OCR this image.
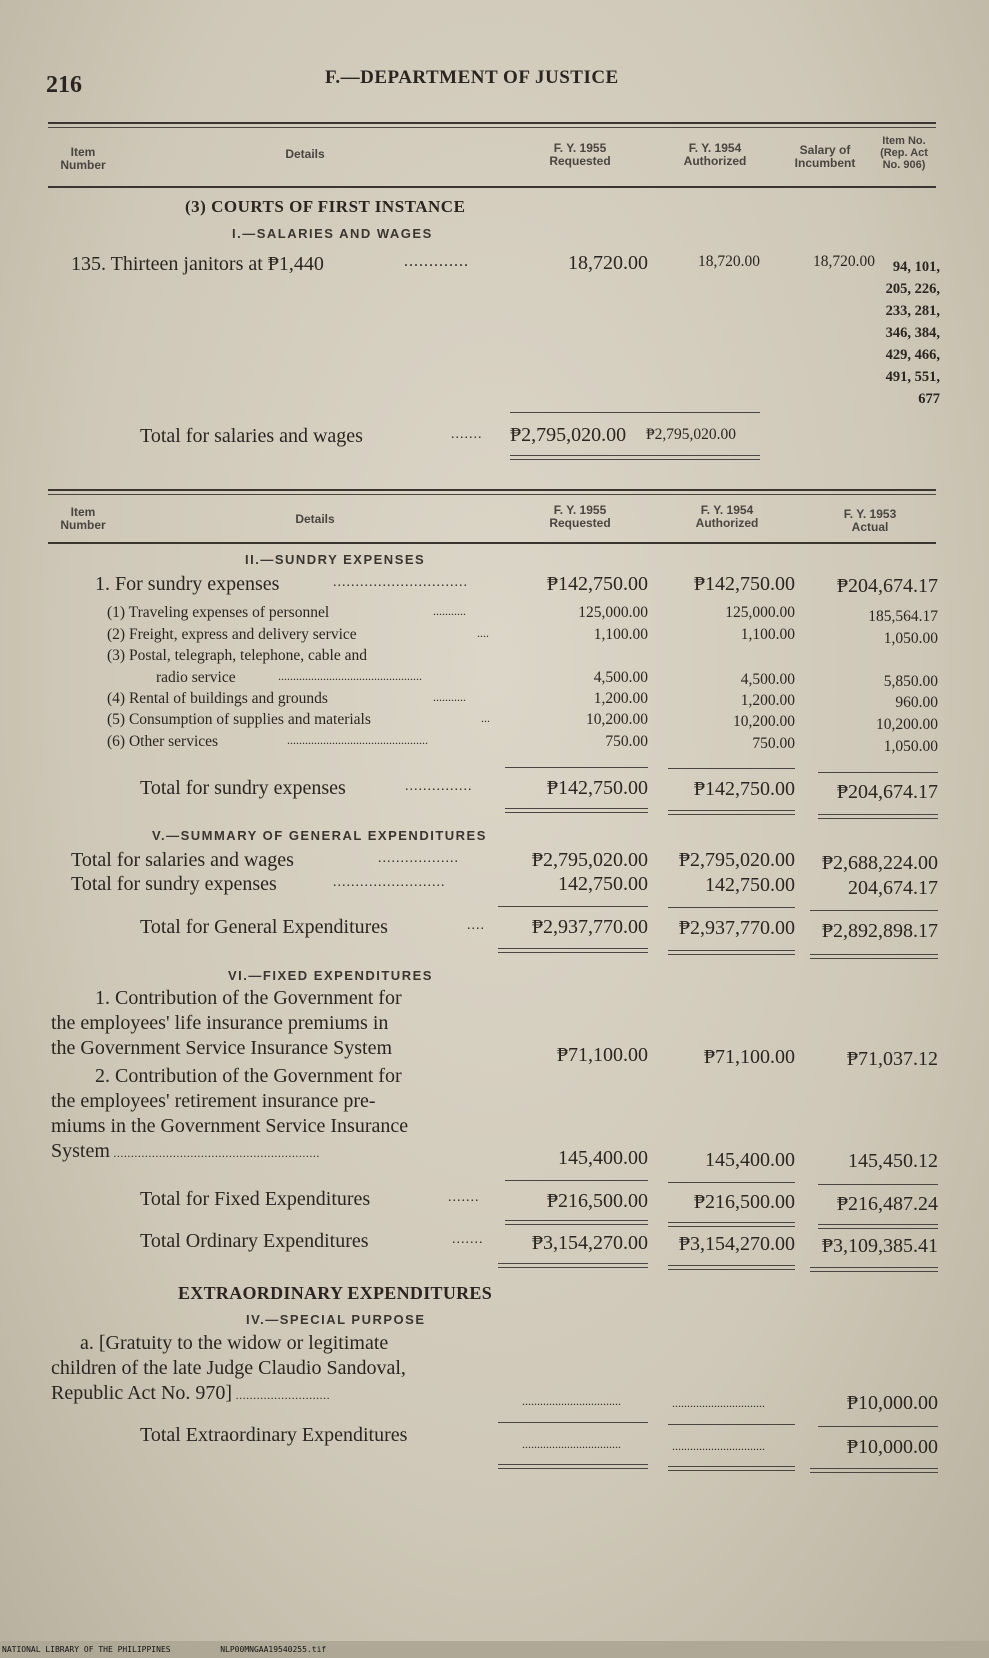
216	F.—DEPARTMENT OF JUSTICE
Item
Number
Details	F. Y. 1955
Requested
F. Y. 1954
Authorized
Salary of
Incumbent
Item No.
(Rep. Act
No. 906)
(3) COURTS OF FIRST INSTANCE
I.—SALARIES AND WAGES
135. Thirteen janitors at ₱1,440	.............	18,720.00	18,720.00	18,720.00	94, 101,
205, 226,
233, 281,
346, 384,
429, 466,
491, 551,
677
Total for salaries and wages	....... ₱2,795,020.00 ₱2,795,020.00
Item
Number	Details
F. Y. 1955
Requested
F. Y. 1954
Authorized
F. Y. 1953
Actual
II.—SUNDRY EXPENSES
1. For sundry expenses	..............................	₱142,750.00	₱142,750.00	₱204,674.17
(1) Traveling expenses of personnel	...........	125,000.00	125,000.00	185,564.17
(2) Freight, express and delivery service	....	1,100.00	1,100.00	1,050.00
(3) Postal, telegraph, telephone, cable and
radio service	................................................	4,500.00	4,500.00	5,850.00
(4) Rental of buildings and grounds	...........	1,200.00	1,200.00	960.00
(5) Consumption of supplies and materials	...	10,200.00	10,200.00	10,200.00
(6) Other services	...............................................	750.00	750.00	1,050.00
Total for sundry expenses	...............	₱142,750.00	₱142,750.00	₱204,674.17
V.—SUMMARY OF GENERAL EXPENDITURES
Total for salaries and wages	..................	₱2,795,020.00	₱2,795,020.00	₱2,688,224.00
Total for sundry expenses	.........................	142,750.00	142,750.00	204,674.17
Total for General Expenditures	....	₱2,937,770.00	₱2,937,770.00	₱2,892,898.17
VI.—FIXED EXPENDITURES
1. Contribution of the Government for
the employees' life insurance premiums in
the Government Service Insurance System	₱71,100.00	₱71,100.00	₱71,037.12
2. Contribution of the Government for
the employees' retirement insurance pre-
miums in the Government Service Insurance
System ...........................................................	145,400.00	145,400.00	145,450.12
Total for Fixed Expenditures	.......	₱216,500.00	₱216,500.00	₱216,487.24
Total Ordinary Expenditures	.......	₱3,154,270.00	₱3,154,270.00	₱3,109,385.41
EXTRAORDINARY EXPENDITURES
IV.—SPECIAL PURPOSE
a. [Gratuity to the widow or legitimate
children of the late Judge Claudio Sandoval,
Republic Act No. 970] ...........................	.................................	...............................	₱10,000.00
Total Extraordinary Expenditures	.................................	...............................	₱10,000.00
NATIONAL LIBRARY OF THE PHILIPPINES	NLP00MNGAA19540255.tif
